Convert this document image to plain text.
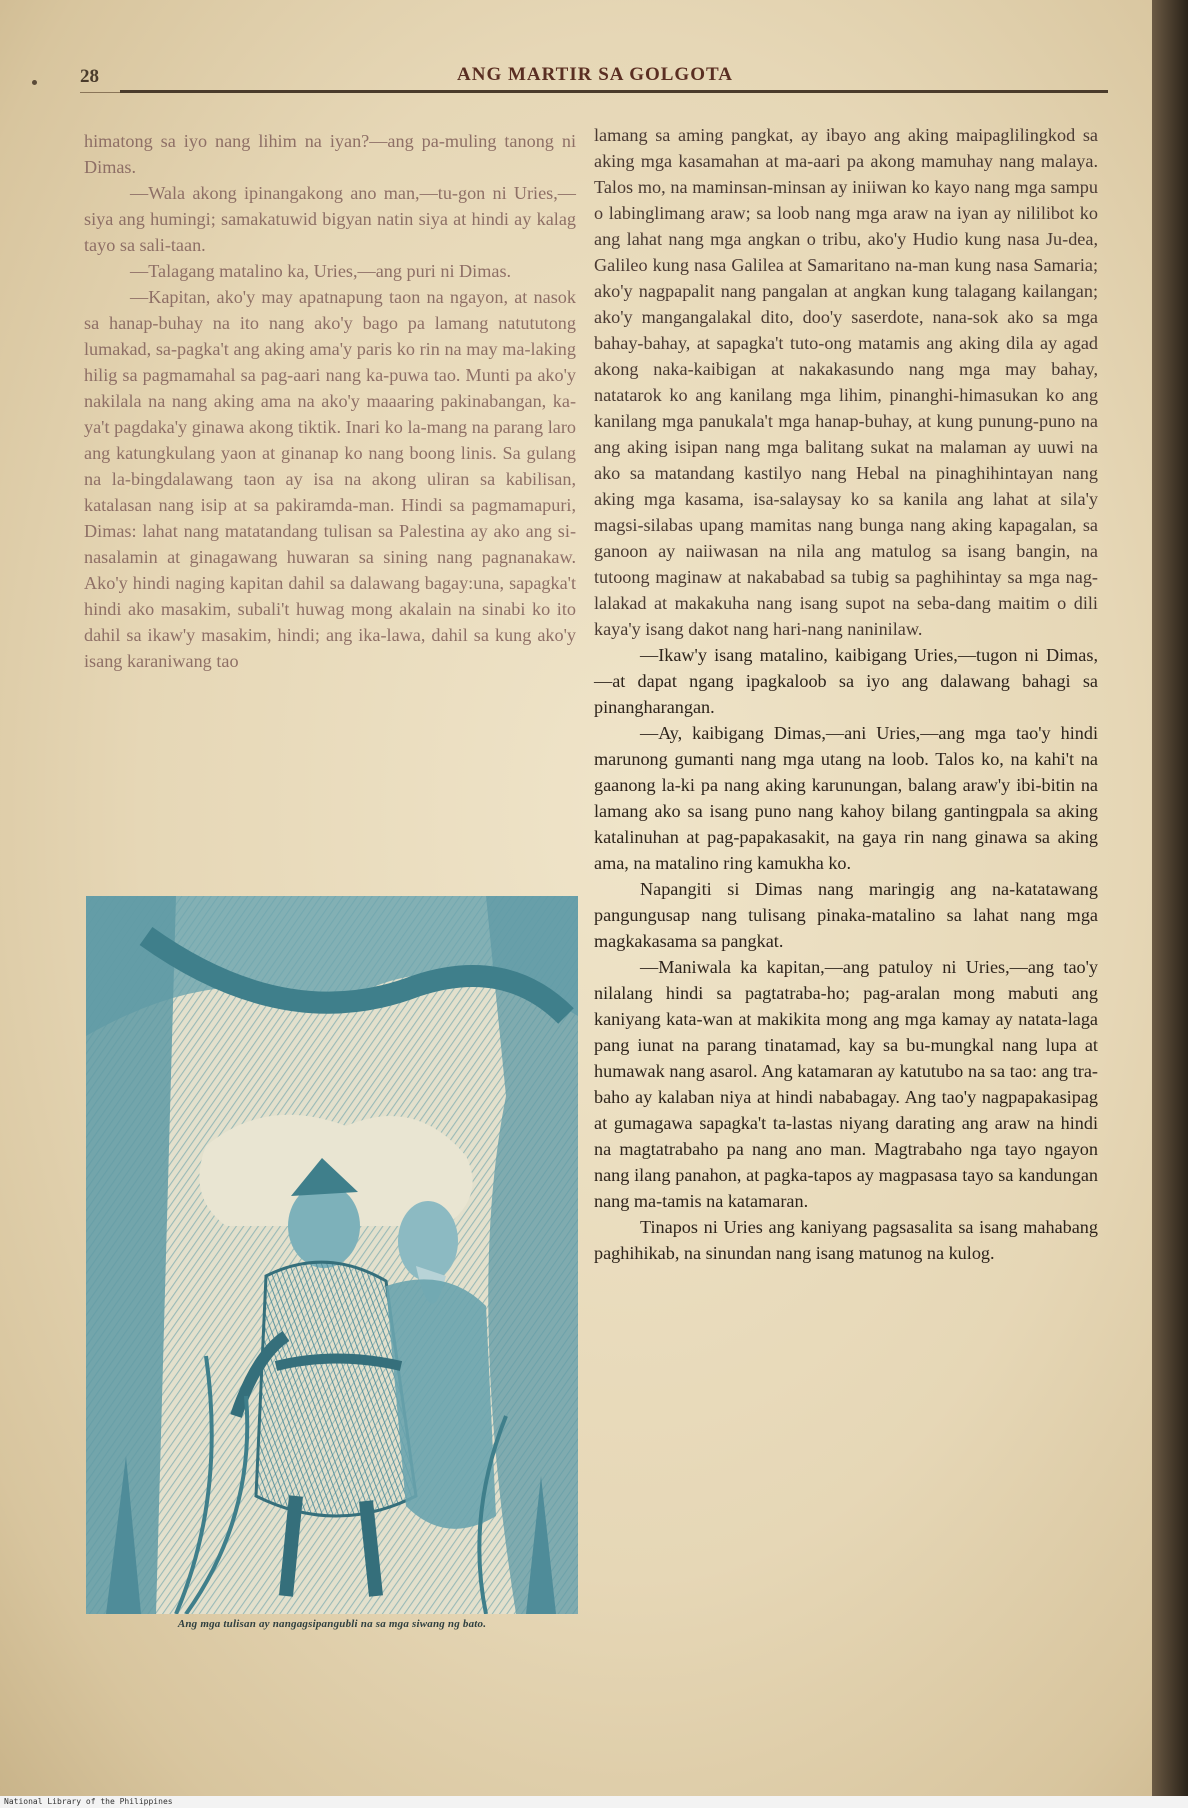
28	ANG MARTIR SA GOLGOTA

himatong sa iyo nang lihim na iyan?—ang pa-muling tanong ni Dimas.

—Wala akong ipinangakong ano man,—tu-gon ni Uries,—siya ang humingi; samakatuwid bigyan natin siya at hindi ay kalag tayo sa sali-taan.

—Talagang matalino ka, Uries,—ang puri ni Dimas.

—Kapitan, ako'y may apatnapung taon na ngayon, at nasok sa hanap-buhay na ito nang ako'y bago pa lamang natututong lumakad, sa-pagka't ang aking ama'y paris ko rin na may ma-laking hilig sa pagmamahal sa pag-aari nang ka-puwa tao. Munti pa ako'y nakilala na nang aking ama na ako'y maaaring pakinabangan, ka-ya't pagdaka'y ginawa akong tiktik. Inari ko la-mang na parang laro ang katungkulang yaon at ginanap ko nang boong linis. Sa gulang na la-bingdalawang taon ay isa na akong uliran sa kabilisan, katalasan nang isip at sa pakiramda-man. Hindi sa pagmamapuri, Dimas: lahat nang matatandang tulisan sa Palestina ay ako ang si-nasalamin at ginagawang huwaran sa sining nang pagnanakaw. Ako'y hindi naging kapitan dahil sa dalawang bagay:una, sapagka't hindi ako masakim, subali't huwag mong akalain na sinabi ko ito dahil sa ikaw'y masakim, hindi; ang ika-lawa, dahil sa kung ako'y isang karaniwang tao

Ang mga tulisan ay nangagsipangubli na sa mga siwang ng bato.

lamang sa aming pangkat, ay ibayo ang aking maipaglilingkod sa aking mga kasamahan at ma-aari pa akong mamuhay nang malaya. Talos mo, na maminsan-minsan ay iniiwan ko kayo nang mga sampu o labinglimang araw; sa loob nang mga araw na iyan ay nililibot ko ang lahat nang mga angkan o tribu, ako'y Hudio kung nasa Ju-dea, Galileo kung nasa Galilea at Samaritano na-man kung nasa Samaria; ako'y nagpapalit nang pangalan at angkan kung talagang kailangan; ako'y mangangalakal dito, doo'y saserdote, nana-sok ako sa mga bahay-bahay, at sapagka't tuto-ong matamis ang aking dila ay agad akong naka-kaibigan at nakakasundo nang mga may bahay, natatarok ko ang kanilang mga lihim, pinanghi-himasukan ko ang kanilang mga panukala't mga hanap-buhay, at kung punung-puno na ang aking isipan nang mga balitang sukat na malaman ay uuwi na ako sa matandang kastilyo nang Hebal na pinaghihintayan nang aking mga kasama, isa-salaysay ko sa kanila ang lahat at sila'y magsi-silabas upang mamitas nang bunga nang aking kapagalan, sa ganoon ay naiiwasan na nila ang matulog sa isang bangin, na tutoong maginaw at nakababad sa tubig sa paghihintay sa mga nag-lalakad at makakuha nang isang supot na seba-dang maitim o dili kaya'y isang dakot nang hari-nang naninilaw.

—Ikaw'y isang matalino, kaibigang Uries,—tugon ni Dimas,—at dapat ngang ipagkaloob sa iyo ang dalawang bahagi sa pinangharangan.

—Ay, kaibigang Dimas,—ani Uries,—ang mga tao'y hindi marunong gumanti nang mga utang na loob. Talos ko, na kahi't na gaanong la-ki pa nang aking karunungan, balang araw'y ibi-bitin na lamang ako sa isang puno nang kahoy bilang gantingpala sa aking katalinuhan at pag-papakasakit, na gaya rin nang ginawa sa aking ama, na matalino ring kamukha ko.

Napangiti si Dimas nang maringig ang na-katatawang pangungusap nang tulisang pinaka-matalino sa lahat nang mga magkakasama sa pangkat.

—Maniwala ka kapitan,—ang patuloy ni Uries,—ang tao'y nilalang hindi sa pagtatraba-ho; pag-aralan mong mabuti ang kaniyang kata-wan at makikita mong ang mga kamay ay natata-laga pang iunat na parang tinatamad, kay sa bu-mungkal nang lupa at humawak nang asarol. Ang katamaran ay katutubo na sa tao: ang tra-baho ay kalaban niya at hindi nababagay. Ang tao'y nagpapakasipag at gumagawa sapagka't ta-lastas niyang darating ang araw na hindi na magtatrabaho pa nang ano man. Magtrabaho nga tayo ngayon nang ilang panahon, at pagka-tapos ay magpasasa tayo sa kandungan nang ma-tamis na katamaran.

Tinapos ni Uries ang kaniyang pagsasalita sa isang mahabang paghihikab, na sinundan nang isang matunog na kulog.

National Library of the Philippines
